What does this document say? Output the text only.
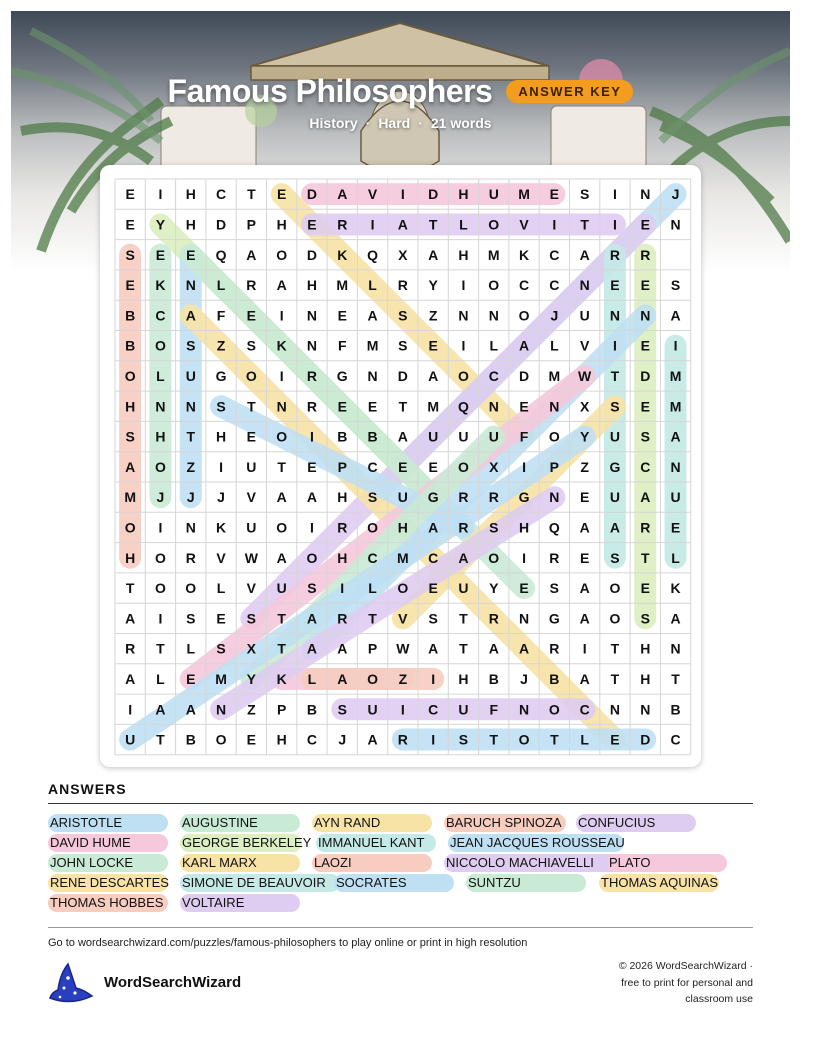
Famous Philosophers ANSWER KEY
History · Hard · 21 words
E I H C T E D A V I D H U M E S I N J
E Y H D P H E R I A T L O V I T I E N
S E E Q A O D K Q X A H M K C A R R
E K N L R A H M L R Y I O C C N E E S
B C A F E I N E A S Z N N O J U N N A
B O S Z S K N F M S E I L A L V I E I
O L U G O I R G N D A O C D M W T D M
H N N S T N R E E T M Q N E N X S E M
S H T H E O I B B A U U U F O Y U S A
A O Z I U T E P C E E O X I P Z G C N
M J J J V A A H S U G R R G N E U A U
O I N K U O I R O H A R S H Q A A R E
H O R V W A O H C M C A O I R E S T L
T O O L V U S I L O E U Y E S A O E K
A I S E S T A R T V S T R N G A O S A
R T L S X T A A P W A T A A R I T H N
A L E M Y K L A O Z I H B J B A T H T
I A A N Z P B S U I C U F N O C N N B
U T B O E H C J A R I S T O T L E D C
ANSWERS
ARISTOTLE	AUGUSTINE	AYN RAND	BARUCH SPINOZA CONFUCIUS
DAVID HUME	GEORGE BERKELEY IMMANUEL KANT JEAN JACQUES ROUSSEAU
JOHN LOCKE	KARL MARX	LAOZI	NICCOLO MACHIAVELLI PLATO
RENE DESCARTES SIMONE DE BEAUVOIR SOCRATES	SUNTZU	THOMAS AQUINAS
THOMAS HOBBES VOLTAIRE
Go to wordsearchwizard.com/puzzles/famous-philosophers to play online or print in high resolution
WordSearchWizard
© 2026 WordSearchWizard ·
free to print for personal and
classroom use
